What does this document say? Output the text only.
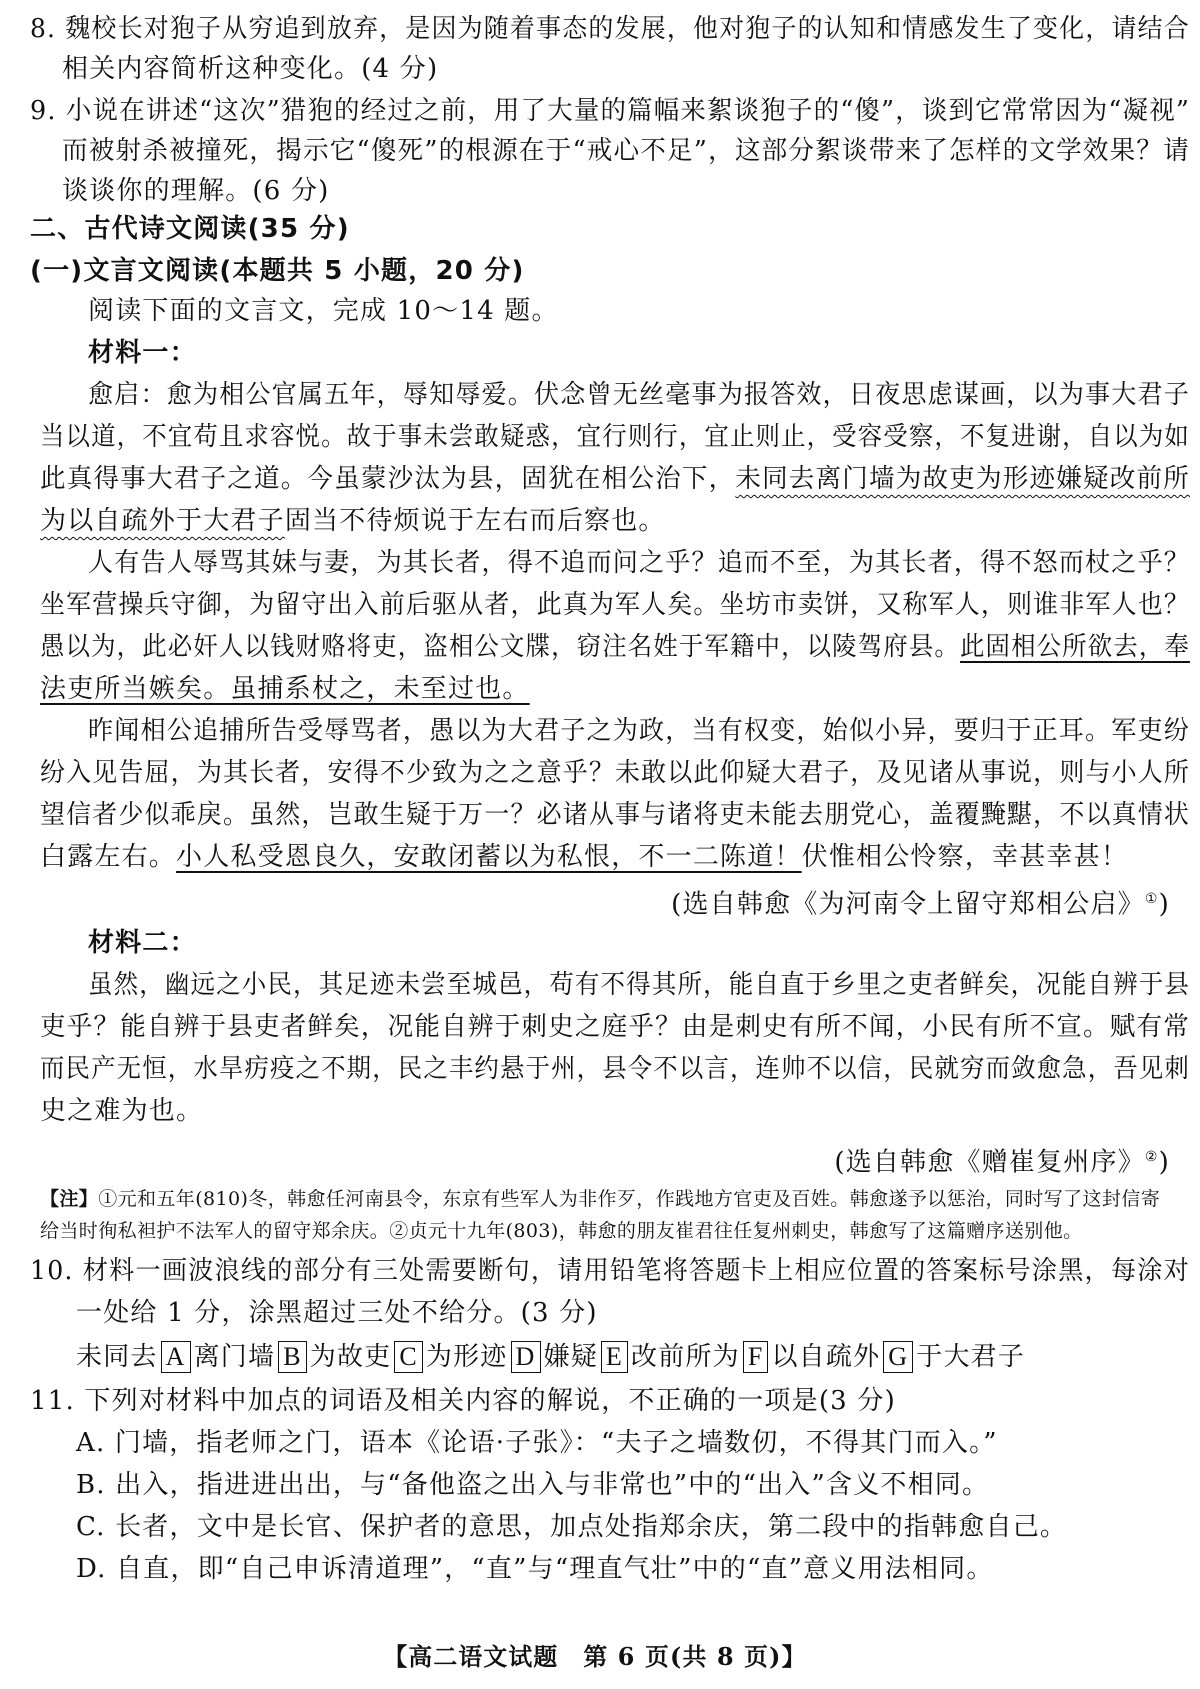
8. 魏校长对狍子从穷追到放弃，是因为随着事态的发展，他对狍子的认知和情感发生了变化，请结合
相关内容简析这种变化。(4 分)
9. 小说在讲述“这次”猎狍的经过之前，用了大量的篇幅来絮谈狍子的“傻”，谈到它常常因为“凝视”
而被射杀被撞死，揭示它“傻死”的根源在于“戒心不足”，这部分絮谈带来了怎样的文学效果？请
谈谈你的理解。(6 分)
二、古代诗文阅读(35 分)
(一)文言文阅读(本题共 5 小题，20 分)
阅读下面的文言文，完成 10～14 题。
材料一：
愈启：愈为相公官属五年，辱知辱爱。伏念曾无丝毫事为报答效，日夜思虑谋画，以为事大君子
当以道，不宜苟且求容悦。故于事未尝敢疑惑，宜行则行，宜止则止，受容受察，不复进谢，自以为如
此真得事大君子之道。今虽蒙沙汰为县，固犹在相公治下，未同去离门墙为故吏为形迹嫌疑改前所
为以自疏外于大君子固当不待烦说于左右而后察也。
人有告人辱骂其妹与妻，为其长者，得不追而问之乎？追而不至，为其长者，得不怒而杖之乎？
坐军营操兵守御，为留守出入前后驱从者，此真为军人矣。坐坊市卖饼，又称军人，则谁非军人也？
愚以为，此必奸人以钱财赂将吏，盗相公文牒，窃注名姓于军籍中，以陵驾府县。此固相公所欲去，奉
法吏所当嫉矣。虽捕系杖之，未至过也。
昨闻相公追捕所告受辱骂者，愚以为大君子之为政，当有权变，始似小异，要归于正耳。军吏纷
纷入见告屈，为其长者，安得不少致为之之意乎？未敢以此仰疑大君子，及见诸从事说，则与小人所
望信者少似乖戾。虽然，岂敢生疑于万一？必诸从事与诸将吏未能去朋党心，盖覆黤黮，不以真情状
白露左右。小人私受恩良久，安敢闭蓄以为私恨，不一二陈道！伏惟相公怜察，幸甚幸甚！
(选自韩愈《为河南令上留守郑相公启》①)
材料二：
虽然，幽远之小民，其足迹未尝至城邑，苟有不得其所，能自直于乡里之吏者鲜矣，况能自辨于县
吏乎？能自辨于县吏者鲜矣，况能自辨于刺史之庭乎？由是刺史有所不闻，小民有所不宣。赋有常
而民产无恒，水旱疠疫之不期，民之丰约悬于州，县令不以言，连帅不以信，民就穷而敛愈急，吾见刺
史之难为也。
(选自韩愈《赠崔复州序》②)
【注】①元和五年(810)冬，韩愈任河南县令，东京有些军人为非作歹，作践地方官吏及百姓。韩愈遂予以惩治，同时写了这封信寄
给当时徇私袒护不法军人的留守郑余庆。②贞元十九年(803)，韩愈的朋友崔君往任复州刺史，韩愈写了这篇赠序送别他。
10. 材料一画波浪线的部分有三处需要断句，请用铅笔将答题卡上相应位置的答案标号涂黑，每涂对
一处给 1 分，涂黑超过三处不给分。(3 分)
未同去 A 离门墙 B 为故吏 C 为形迹 D 嫌疑 E 改前所为 F 以自疏外 G 于大君子
11. 下列对材料中加点的词语及相关内容的解说，不正确的一项是(3 分)
A. 门墙，指老师之门，语本《论语·子张》：“夫子之墙数仞，不得其门而入。”
B. 出入，指进进出出，与“备他盗之出入与非常也”中的“出入”含义不相同。
C. 长者，文中是长官、保护者的意思，加点处指郑余庆，第二段中的指韩愈自己。
D. 自直，即“自己申诉清道理”，“直”与“理直气壮”中的“直”意义用法相同。
【高二语文试题　第 6 页(共 8 页)】
